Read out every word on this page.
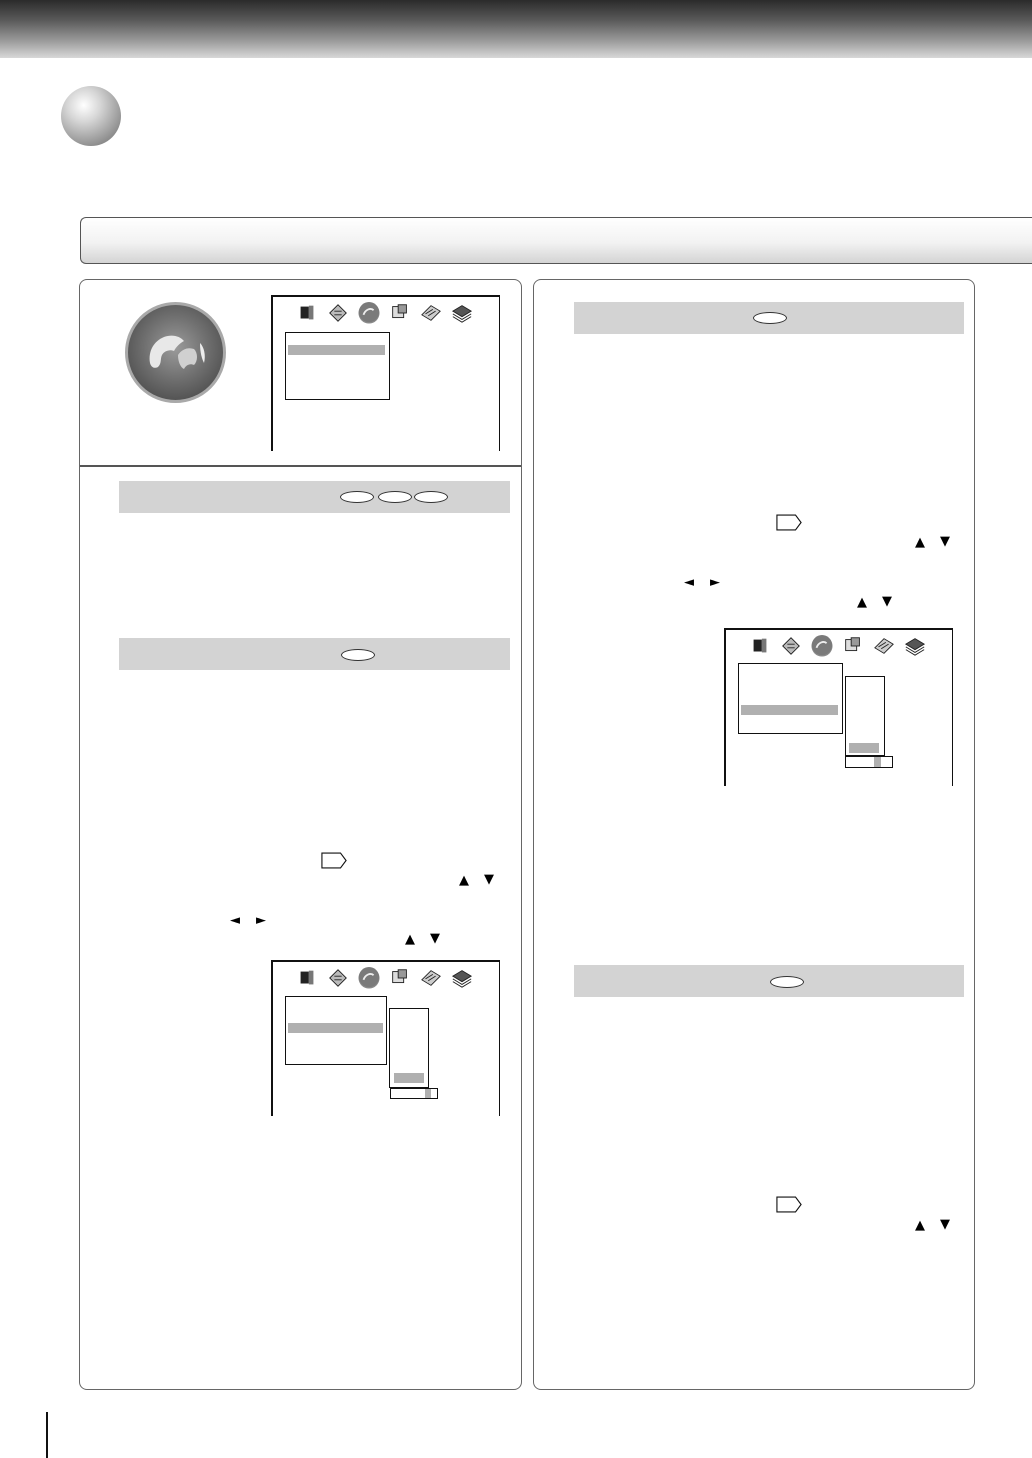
▲ ▼
◄ ►
▲ ▼
▲ ▼
◄ ►
▲ ▼
▲ ▼
